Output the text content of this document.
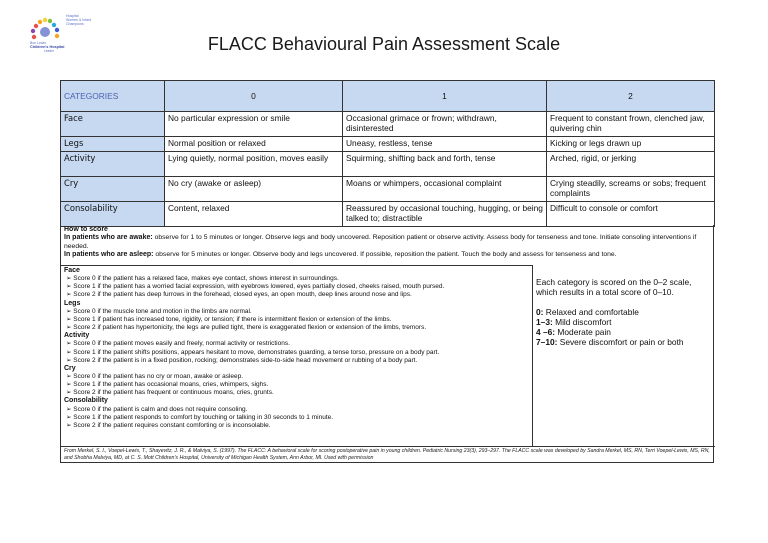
Hospital
Women & Infant
Champions
Box Lewis
Children's Hospital
Leader	FLACC Behavioural Pain Assessment Scale
CATEGORIES	0	1	2
Face	No particular expression or smile	Occasional grimace or frown; withdrawn, disinterested	Frequent to constant frown, clenched jaw, quivering chin
Legs	Normal position or relaxed	Uneasy, restless, tense	Kicking or legs drawn up
Activity	Lying quietly, normal position, moves easily	Squirming, shifting back and forth, tense	Arched, rigid, or jerking
Cry	No cry (awake or asleep)	Moans or whimpers, occasional complaint	Crying steadily, screams or sobs; frequent complaints
Consolability	Content, relaxed	Reassured by occasional touching, hugging, or being talked to; distractible	Difficult to console or comfort
How to score
In patients who are awake: observe for 1 to 5 minutes or longer. Observe legs and body uncovered. Reposition patient or observe activity. Assess body for tenseness and tone. Initiate consoling interventions if needed.
In patients who are asleep: observe for 5 minutes or longer. Observe body and legs uncovered. If possible, reposition the patient. Touch the body and assess for tenseness and tone.
Face
➢ Score 0 if the patient has a relaxed face, makes eye contact, shows interest in surroundings.
➢ Score 1 if the patient has a worried facial expression, with eyebrows lowered, eyes partially closed, cheeks raised, mouth pursed.
➢ Score 2 if the patient has deep furrows in the forehead, closed eyes, an open mouth, deep lines around nose and lips.
Legs
➢ Score 0 if the muscle tone and motion in the limbs are normal.
➢ Score 1 if patient has increased tone, rigidity, or tension; if there is intermittent flexion or extension of the limbs.
➢ Score 2 if patient has hypertonicity, the legs are pulled tight, there is exaggerated flexion or extension of the limbs, tremors.
Activity
➢ Score 0 if the patient moves easily and freely, normal activity or restrictions.
➢ Score 1 if the patient shifts positions, appears hesitant to move, demonstrates guarding, a tense torso, pressure on a body part.
➢ Score 2 if the patient is in a fixed position, rocking; demonstrates side-to-side head movement or rubbing of a body part.
Cry
➢ Score 0 if the patient has no cry or moan, awake or asleep.
➢ Score 1 if the patient has occasional moans, cries, whimpers, sighs.
➢ Score 2 if the patient has frequent or continuous moans, cries, grunts.
Consolability
➢ Score 0 if the patient is calm and does not require consoling.
➢ Score 1 if the patient responds to comfort by touching or talking in 30 seconds to 1 minute.
➢ Score 2 if the patient requires constant comforting or is inconsolable.
Each category is scored on the 0–2 scale, which results in a total score of 0–10.
0: Relaxed and comfortable
1–3: Mild discomfort
4 –6: Moderate pain
7–10: Severe discomfort or pain or both
From Merkel, S. I., Voepel-Lewis, T., Shayevitz, J. R., & Malviya, S. (1997). The FLACC: A behavioral scale for scoring postoperative pain in young children. Pediatric Nursing 23(3), 293–297. The FLACC scale was developed by Sandra Merkel, MS, RN, Terri Voepel-Lewis, MS, RN, and Shobha Malviya, MD, at C. S. Mott Children's Hospital, University of Michigan Health System, Ann Arbor, MI. Used with permission
